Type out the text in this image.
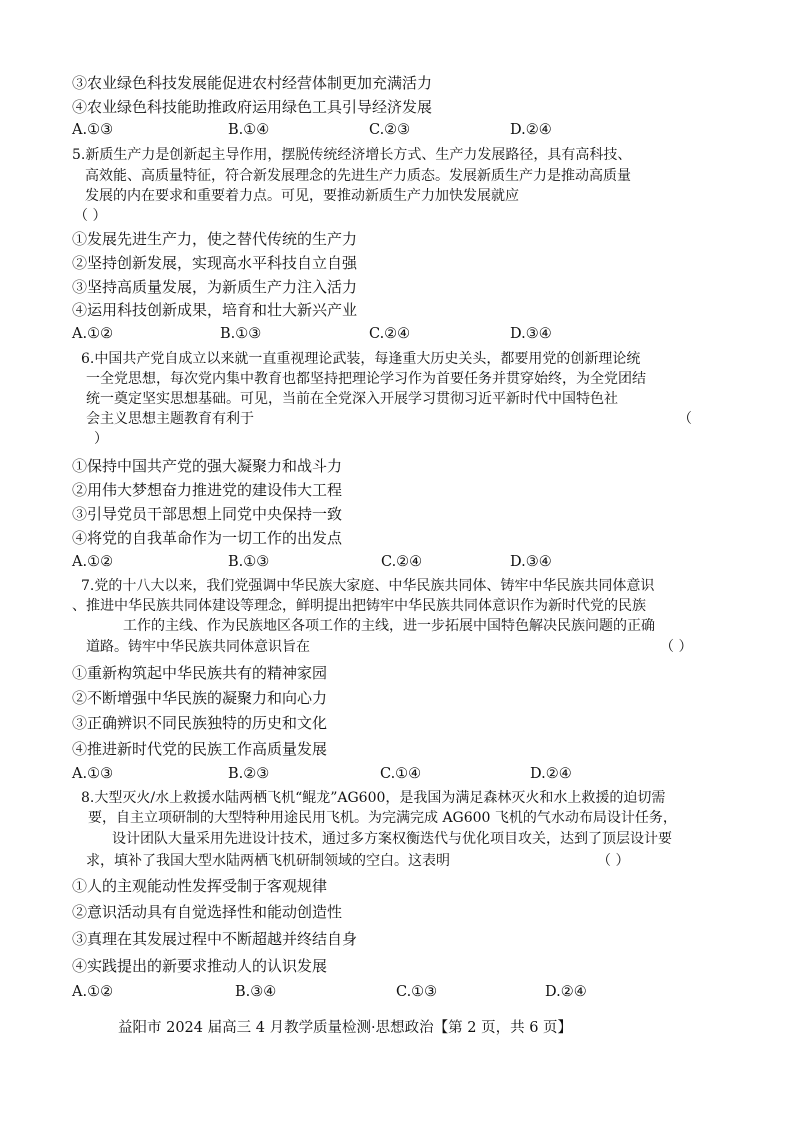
③农业绿色科技发展能促进农村经营体制更加充满活力
④农业绿色科技能助推政府运用绿色工具引导经济发展
A.①③	B.①④	C.②③	D.②④
5.新质生产力是创新起主导作用，摆脱传统经济增长方式、生产力发展路径，具有高科技、
高效能、高质量特征，符合新发展理念的先进生产力质态。发展新质生产力是推动高质量
发展的内在要求和重要着力点。可见，要推动新质生产力加快发展就应
（ ）
①发展先进生产力，使之替代传统的生产力
②坚持创新发展，实现高水平科技自立自强
③坚持高质量发展，为新质生产力注入活力
④运用科技创新成果，培育和壮大新兴产业
A.①②	B.①③	C.②④	D.③④
6.中国共产党自成立以来就一直重视理论武装，每逢重大历史关头，都要用党的创新理论统
一全党思想，每次党内集中教育也都坚持把理论学习作为首要任务并贯穿始终，为全党团结
统一奠定坚实思想基础。可见，当前在全党深入开展学习贯彻习近平新时代中国特色社
会主义思想主题教育有利于	（
）
①保持中国共产党的强大凝聚力和战斗力
②用伟大梦想奋力推进党的建设伟大工程
③引导党员干部思想上同党中央保持一致
④将党的自我革命作为一切工作的出发点
A.①②	B.①③	C.②④	D.③④
7.党的十八大以来，我们党强调中华民族大家庭、中华民族共同体、铸牢中华民族共同体意识
、推进中华民族共同体建设等理念，鲜明提出把铸牢中华民族共同体意识作为新时代党的民族
工作的主线、作为民族地区各项工作的主线，进一步拓展中国特色解决民族问题的正确
道路。铸牢中华民族共同体意识旨在	（ ）
①重新构筑起中华民族共有的精神家园
②不断增强中华民族的凝聚力和向心力
③正确辨识不同民族独特的历史和文化
④推进新时代党的民族工作高质量发展
A.①③	B.②③	C.①④	D.②④
8.大型灭火/水上救援水陆两栖飞机“鲲龙”AG600，是我国为满足森林灭火和水上救援的迫切需
要，自主立项研制的大型特种用途民用飞机。为完满完成 AG600 飞机的气水动布局设计任务，
设计团队大量采用先进设计技术，通过多方案权衡迭代与优化项目攻关，达到了顶层设计要
求，填补了我国大型水陆两栖飞机研制领域的空白。这表明	（ ）
①人的主观能动性发挥受制于客观规律
②意识活动具有自觉选择性和能动创造性
③真理在其发展过程中不断超越并终结自身
④实践提出的新要求推动人的认识发展
A.①②	B.③④	C.①③	D.②④
益阳市 2024 届高三 4 月教学质量检测·思想政治【第 2 页，共 6 页】
